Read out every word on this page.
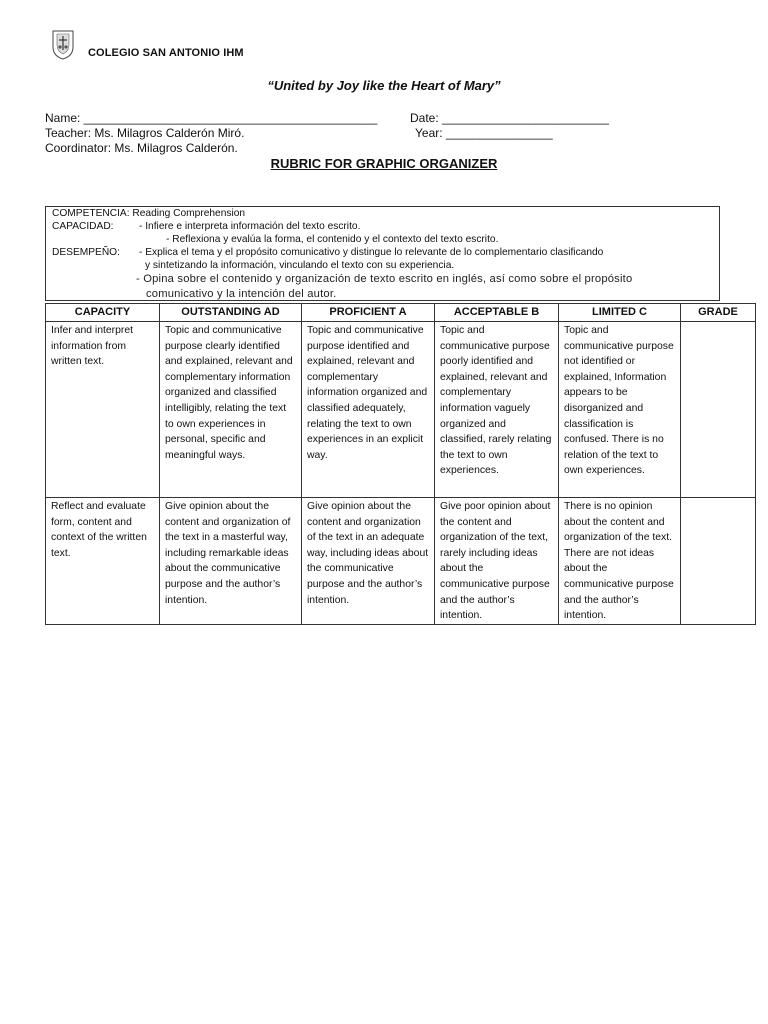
COLEGIO SAN ANTONIO IHM
“United by Joy like the Heart of Mary”
Name: ____________________________________________	Date: _________________________
Teacher: Ms. Milagros Calderón Miró.	Year: ________________
Coordinator: Ms. Milagros Calderón.
RUBRIC FOR GRAPHIC ORGANIZER
COMPETENCIA: Reading Comprehension
CAPACIDAD: - Infiere e interpreta información del texto escrito.
- Reflexiona y evalúa la forma, el contenido y el contexto del texto escrito.
DESEMPEÑO: - Explica el tema y el propósito comunicativo y distingue lo relevante de lo complementario clasificando
y sintetizando la información, vinculando el texto con su experiencia.
- Opina sobre el contenido y organización de texto escrito en inglés, así como sobre el propósito
comunicativo y la intención del autor.
CAPACITY	OUTSTANDING AD	PROFICIENT A	ACCEPTABLE B	LIMITED C	GRADE
Infer and interpret information from written text.	Topic and communicative purpose clearly identified and explained, relevant and complementary information organized and classified intelligibly, relating the text to own experiences in personal, specific and meaningful ways.	Topic and communicative purpose identified and explained, relevant and complementary information organized and classified adequately, relating the text to own experiences in an explicit way.	Topic and communicative purpose poorly identified and explained, relevant and complementary information vaguely organized and classified, rarely relating the text to own experiences.	Topic and communicative purpose not identified or explained, Information appears to be disorganized and classification is confused. There is no relation of the text to own experiences.	
Reflect and evaluate form, content and context of the written text.	Give opinion about the content and organization of the text in a masterful way, including remarkable ideas about the communicative purpose and the author’s intention.	Give opinion about the content and organization of the text in an adequate way, including ideas about the communicative purpose and the author’s intention.	Give poor opinion about the content and organization of the text, rarely including ideas about the communicative purpose and the author’s intention.	There is no opinion about the content and organization of the text. There are not ideas about the communicative purpose and the author’s intention.	
